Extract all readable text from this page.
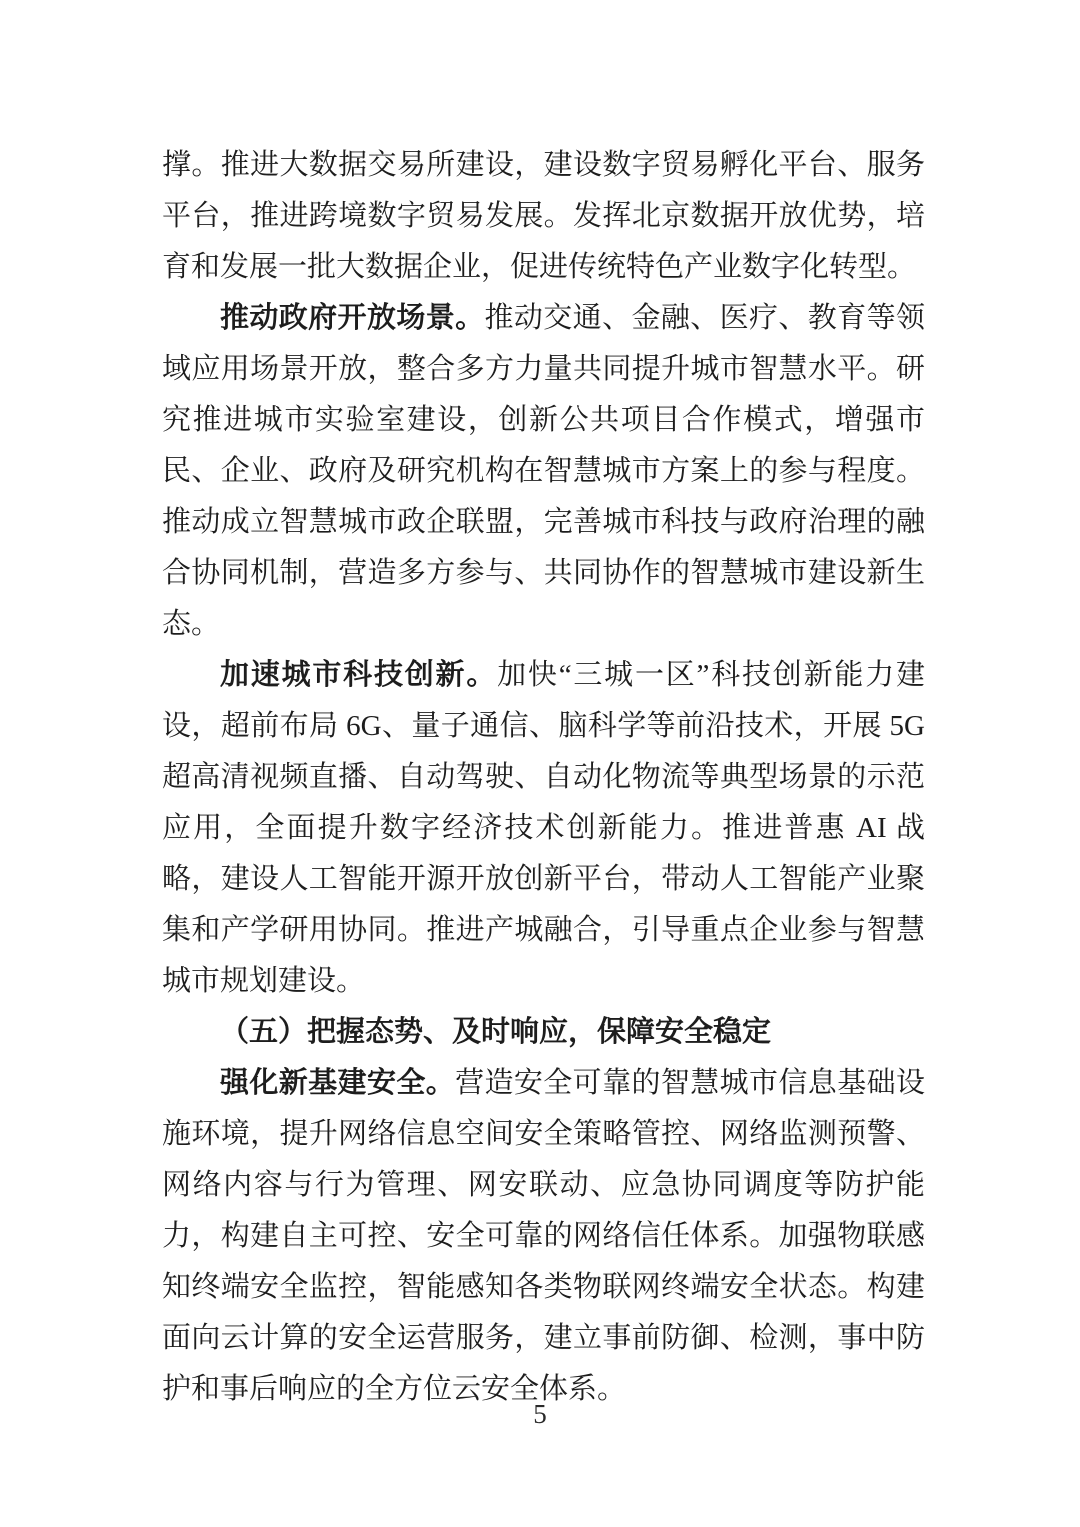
撑。推进大数据交易所建设，建设数字贸易孵化平台、服务平台，推进跨境数字贸易发展。发挥北京数据开放优势，培育和发展一批大数据企业，促进传统特色产业数字化转型。

推动政府开放场景。推动交通、金融、医疗、教育等领域应用场景开放，整合多方力量共同提升城市智慧水平。研究推进城市实验室建设，创新公共项目合作模式，增强市民、企业、政府及研究机构在智慧城市方案上的参与程度。推动成立智慧城市政企联盟，完善城市科技与政府治理的融合协同机制，营造多方参与、共同协作的智慧城市建设新生态。

加速城市科技创新。加快“三城一区”科技创新能力建设，超前布局 6G、量子通信、脑科学等前沿技术，开展 5G 超高清视频直播、自动驾驶、自动化物流等典型场景的示范应用，全面提升数字经济技术创新能力。推进普惠 AI 战略，建设人工智能开源开放创新平台，带动人工智能产业聚集和产学研用协同。推进产城融合，引导重点企业参与智慧城市规划建设。

（五）把握态势、及时响应，保障安全稳定

强化新基建安全。营造安全可靠的智慧城市信息基础设施环境，提升网络信息空间安全策略管控、网络监测预警、网络内容与行为管理、网安联动、应急协同调度等防护能力，构建自主可控、安全可靠的网络信任体系。加强物联感知终端安全监控，智能感知各类物联网终端安全状态。构建面向云计算的安全运营服务，建立事前防御、检测，事中防护和事后响应的全方位云安全体系。

5
